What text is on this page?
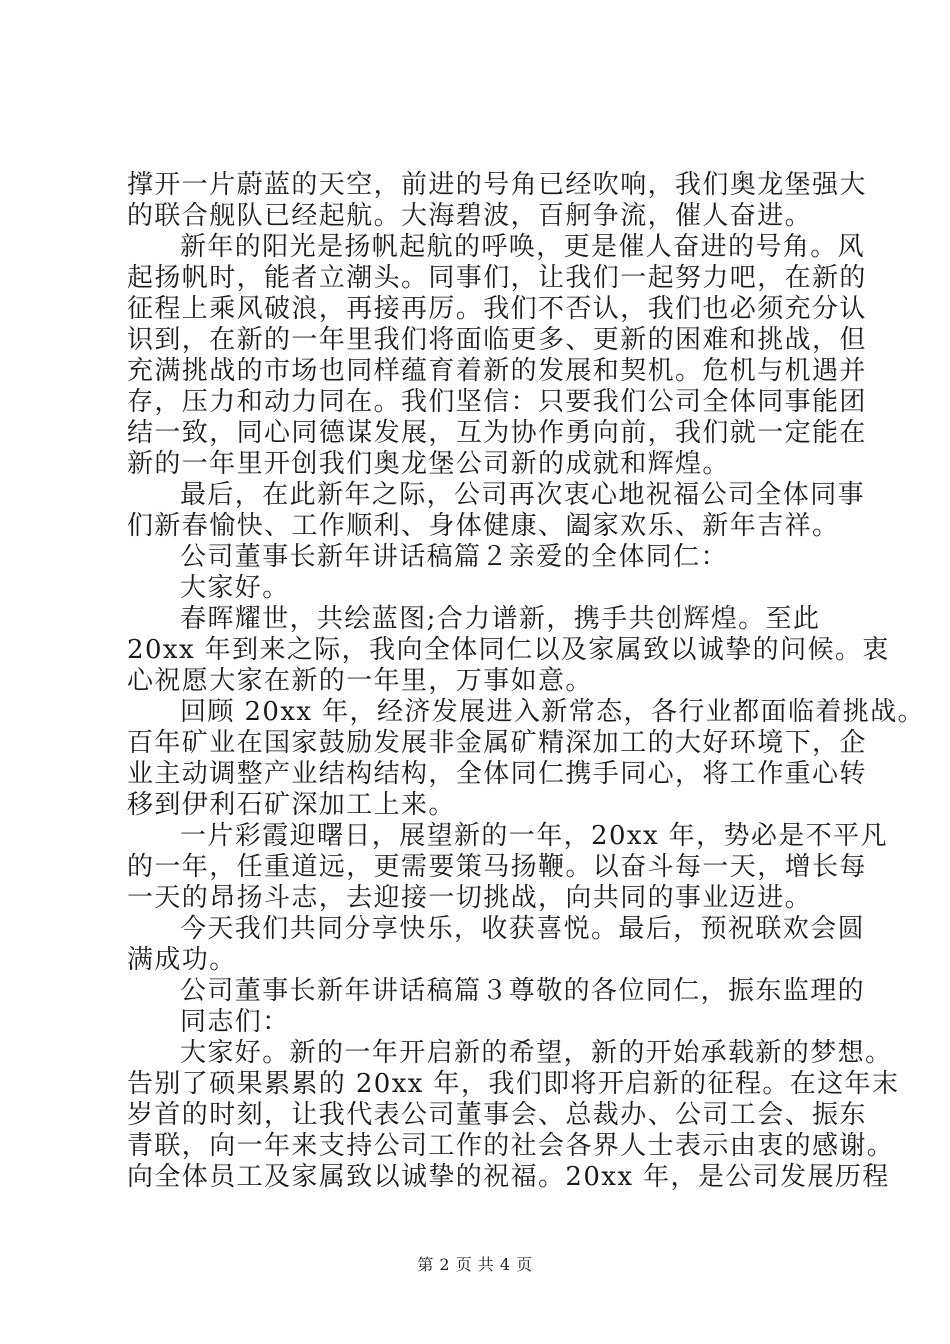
撑开一片蔚蓝的天空，前进的号角已经吹响，我们奥龙堡强大
的联合舰队已经起航。大海碧波，百舸争流，催人奋进。
新年的阳光是扬帆起航的呼唤，更是催人奋进的号角。风
起扬帆时，能者立潮头。同事们，让我们一起努力吧，在新的
征程上乘风破浪，再接再厉。我们不否认，我们也必须充分认
识到，在新的一年里我们将面临更多、更新的困难和挑战，但
充满挑战的市场也同样蕴育着新的发展和契机。危机与机遇并
存，压力和动力同在。我们坚信：只要我们公司全体同事能团
结一致，同心同德谋发展，互为协作勇向前，我们就一定能在
新的一年里开创我们奥龙堡公司新的成就和辉煌。
最后，在此新年之际，公司再次衷心地祝福公司全体同事
们新春愉快、工作顺利、身体健康、阖家欢乐、新年吉祥。
公司董事长新年讲话稿篇２亲爱的全体同仁：
大家好。
春晖耀世，共绘蓝图;合力谱新，携手共创辉煌。至此
20xx 年到来之际，我向全体同仁以及家属致以诚挚的问候。衷
心祝愿大家在新的一年里，万事如意。
回顾 20xx 年，经济发展进入新常态，各行业都面临着挑战。
百年矿业在国家鼓励发展非金属矿精深加工的大好环境下，企
业主动调整产业结构结构，全体同仁携手同心，将工作重心转
移到伊利石矿深加工上来。
一片彩霞迎曙日，展望新的一年，20xx 年，势必是不平凡
的一年，任重道远，更需要策马扬鞭。以奋斗每一天，增长每
一天的昂扬斗志，去迎接一切挑战，向共同的事业迈进。
今天我们共同分享快乐，收获喜悦。最后，预祝联欢会圆
满成功。
公司董事长新年讲话稿篇３尊敬的各位同仁，振东监理的
同志们：
大家好。新的一年开启新的希望，新的开始承载新的梦想。
告别了硕果累累的 20xx 年，我们即将开启新的征程。在这年末
岁首的时刻，让我代表公司董事会、总裁办、公司工会、振东
青联，向一年来支持公司工作的社会各界人士表示由衷的感谢。
向全体员工及家属致以诚挚的祝福。20xx 年，是公司发展历程
第 2 页 共 4 页
